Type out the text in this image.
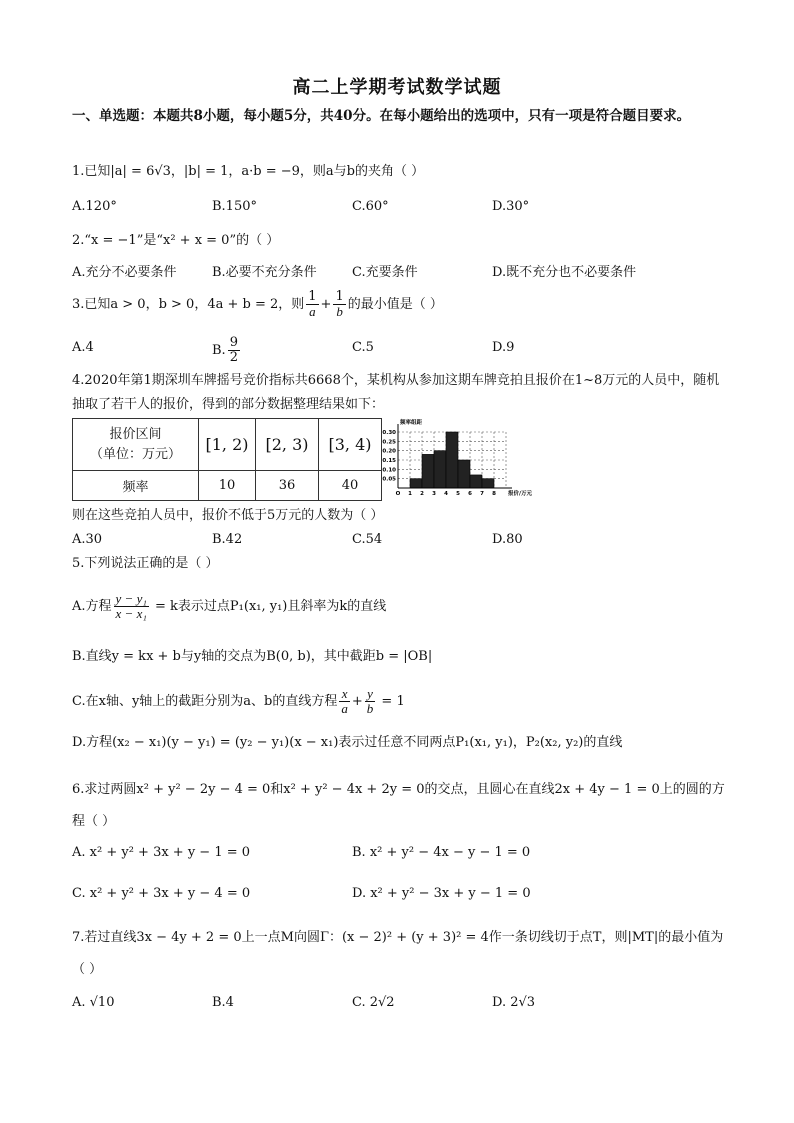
高二上学期考试数学试题
一、单选题：本题共8小题，每小题5分，共40分。在每小题给出的选项中，只有一项是符合题目要求。
1.已知|a| = 6√3，|b| = 1，a·b = −9，则a与b的夹角（ ）
A.120°	B.150°	C.60°	D.30°
2.“x = −1”是“x² + x = 0”的（ ）
A.充分不必要条件	B.必要不充分条件	C.充要条件	D.既不充分也不必要条件
3.已知a > 0，b > 0，4a + b = 2，则 $\frac{1}{a} + \frac{1}{b}$ 的最小值是（ ）
A.4	B. $\frac{9}{2}$	C.5	D.9
4.2020年第1期深圳车牌摇号竞价指标共6668个，某机构从参加这期车牌竞拍且报价在1~8万元的人员中，随机抽取了若干人的报价，得到的部分数据整理结果如下：
报价区间
（单位：万元）	[1, 2)	[2, 3)	[3, 4)
频率	10	36	40
0.30
0.25
0.20
0.15
0.10
0.05
O 1 2 3 4 5 6 7 8
频率组距
报价/万元
则在这些竞拍人员中，报价不低于5万元的人数为（ ）
A.30	B.42	C.54	D.80
5.下列说法正确的是（ ）
A.方程 $\frac{\text{y − y₁}}{\text{x − x₁}} = k$表示过点P₁(x₁, y₁)且斜率为k的直线
B.直线y = kx + b与y轴的交点为B(0, b)，其中截距b = |OB|
C.在x轴、y轴上的截距分别为a、b的直线方程 $\frac{x}{a} + \frac{y}{b} = 1$
D.方程(x₂ − x₁)(y − y₁) = (y₂ − y₁)(x − x₁)表示过任意不同两点P₁(x₁, y₁)，P₂(x₂, y₂)的直线
6.求过两圆x² + y² − 2y − 4 = 0和x² + y² − 4x + 2y = 0的交点，且圆心在直线2x + 4y − 1 = 0上的圆的方程（ ）
A. x² + y² + 3x + y − 1 = 0	B. x² + y² − 4x − y − 1 = 0
C. x² + y² + 3x + y − 4 = 0	D. x² + y² − 3x + y − 1 = 0
7.若过直线3x − 4y + 2 = 0上一点M向圆Γ：(x − 2)² + (y + 3)² = 4作一条切线切于点T，则|MT|的最小值为（ ）
A. √10	B.4	C. 2√2	D. 2√3
